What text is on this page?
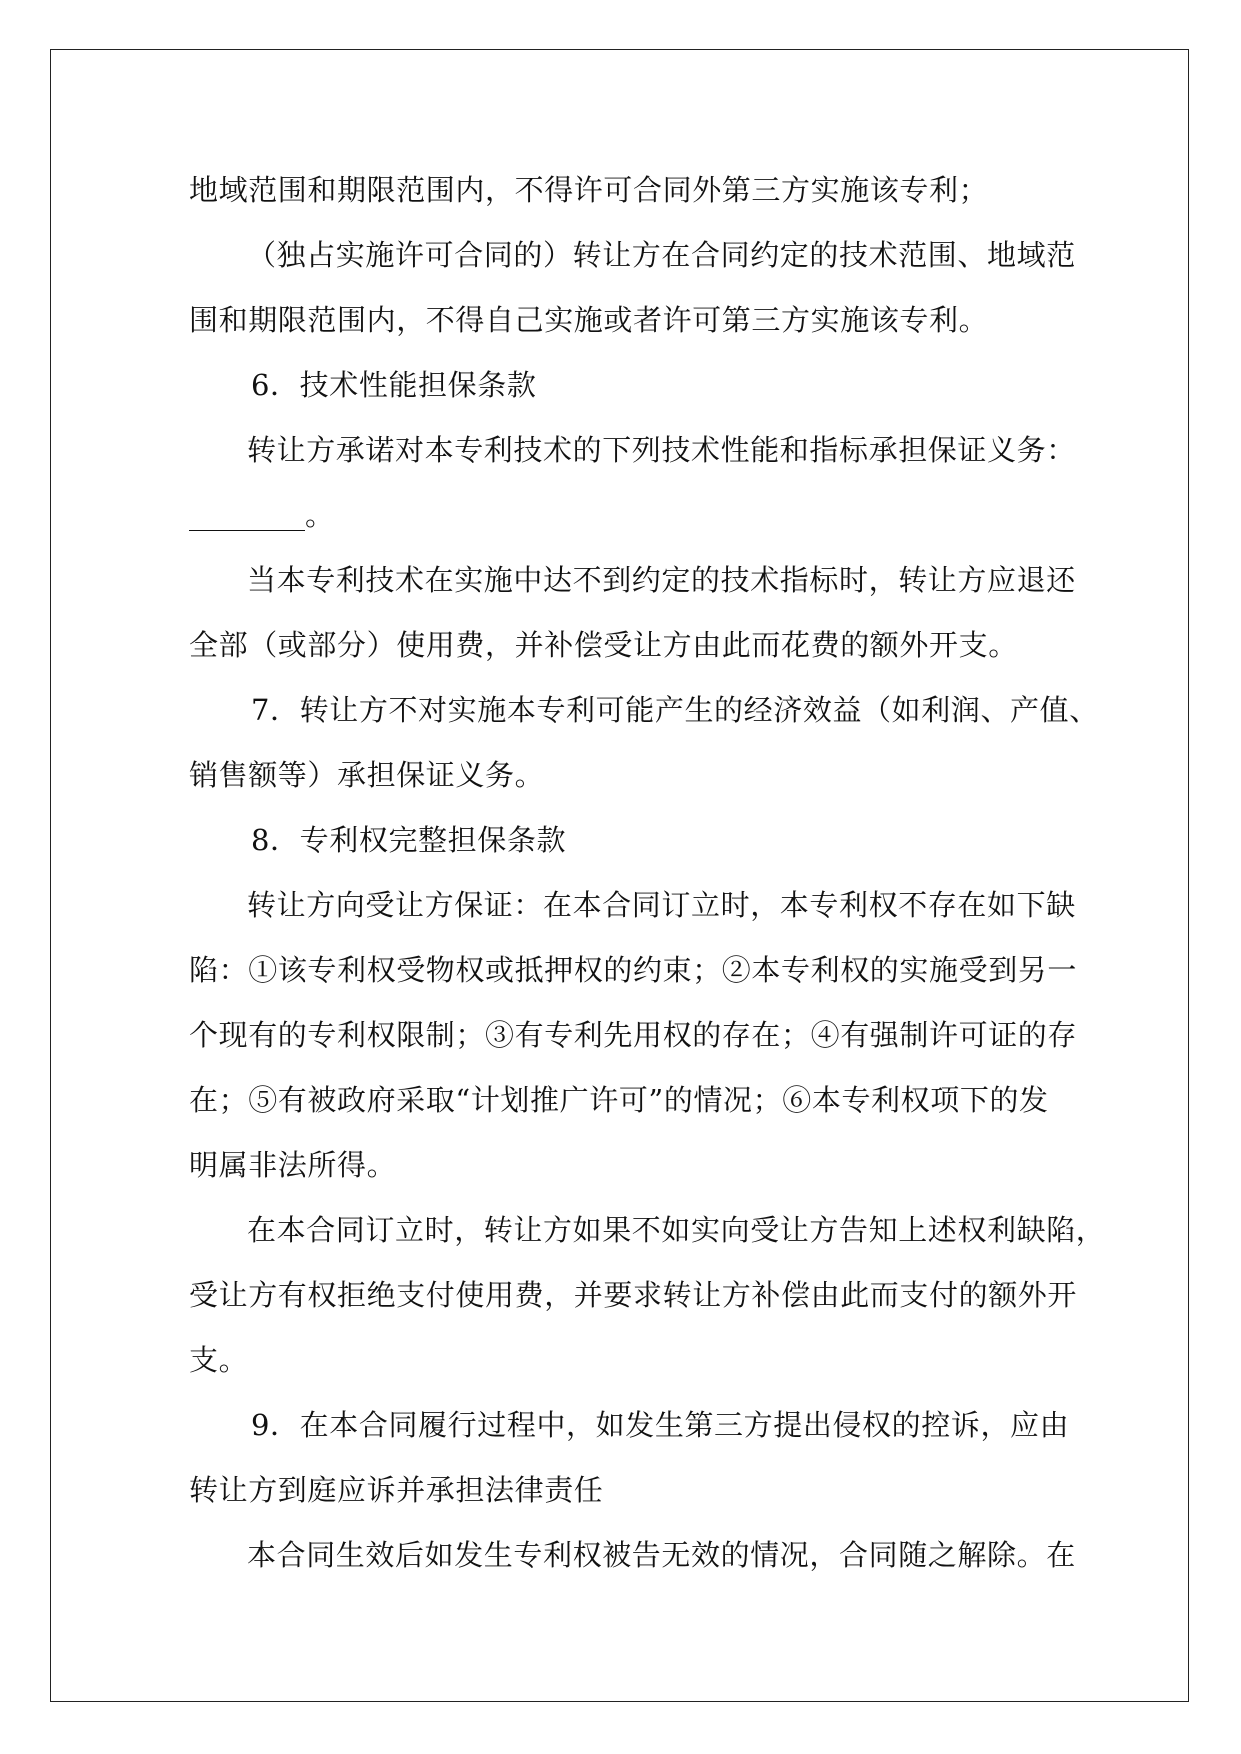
地域范围和期限范围内，不得许可合同外第三方实施该专利；
（独占实施许可合同的）转让方在合同约定的技术范围、地域范
围和期限范围内，不得自己实施或者许可第三方实施该专利。
6．技术性能担保条款
转让方承诺对本专利技术的下列技术性能和指标承担保证义务：
。
当本专利技术在实施中达不到约定的技术指标时，转让方应退还
全部（或部分）使用费，并补偿受让方由此而花费的额外开支。
7．转让方不对实施本专利可能产生的经济效益（如利润、产值、
销售额等）承担保证义务。
8．专利权完整担保条款
转让方向受让方保证：在本合同订立时，本专利权不存在如下缺
陷：①该专利权受物权或抵押权的约束；②本专利权的实施受到另一
个现有的专利权限制；③有专利先用权的存在；④有强制许可证的存
在；⑤有被政府采取“计划推广许可”的情况；⑥本专利权项下的发
明属非法所得。
在本合同订立时，转让方如果不如实向受让方告知上述权利缺陷，
受让方有权拒绝支付使用费，并要求转让方补偿由此而支付的额外开
支。
9．在本合同履行过程中，如发生第三方提出侵权的控诉，应由
转让方到庭应诉并承担法律责任
本合同生效后如发生专利权被告无效的情况，合同随之解除。在
